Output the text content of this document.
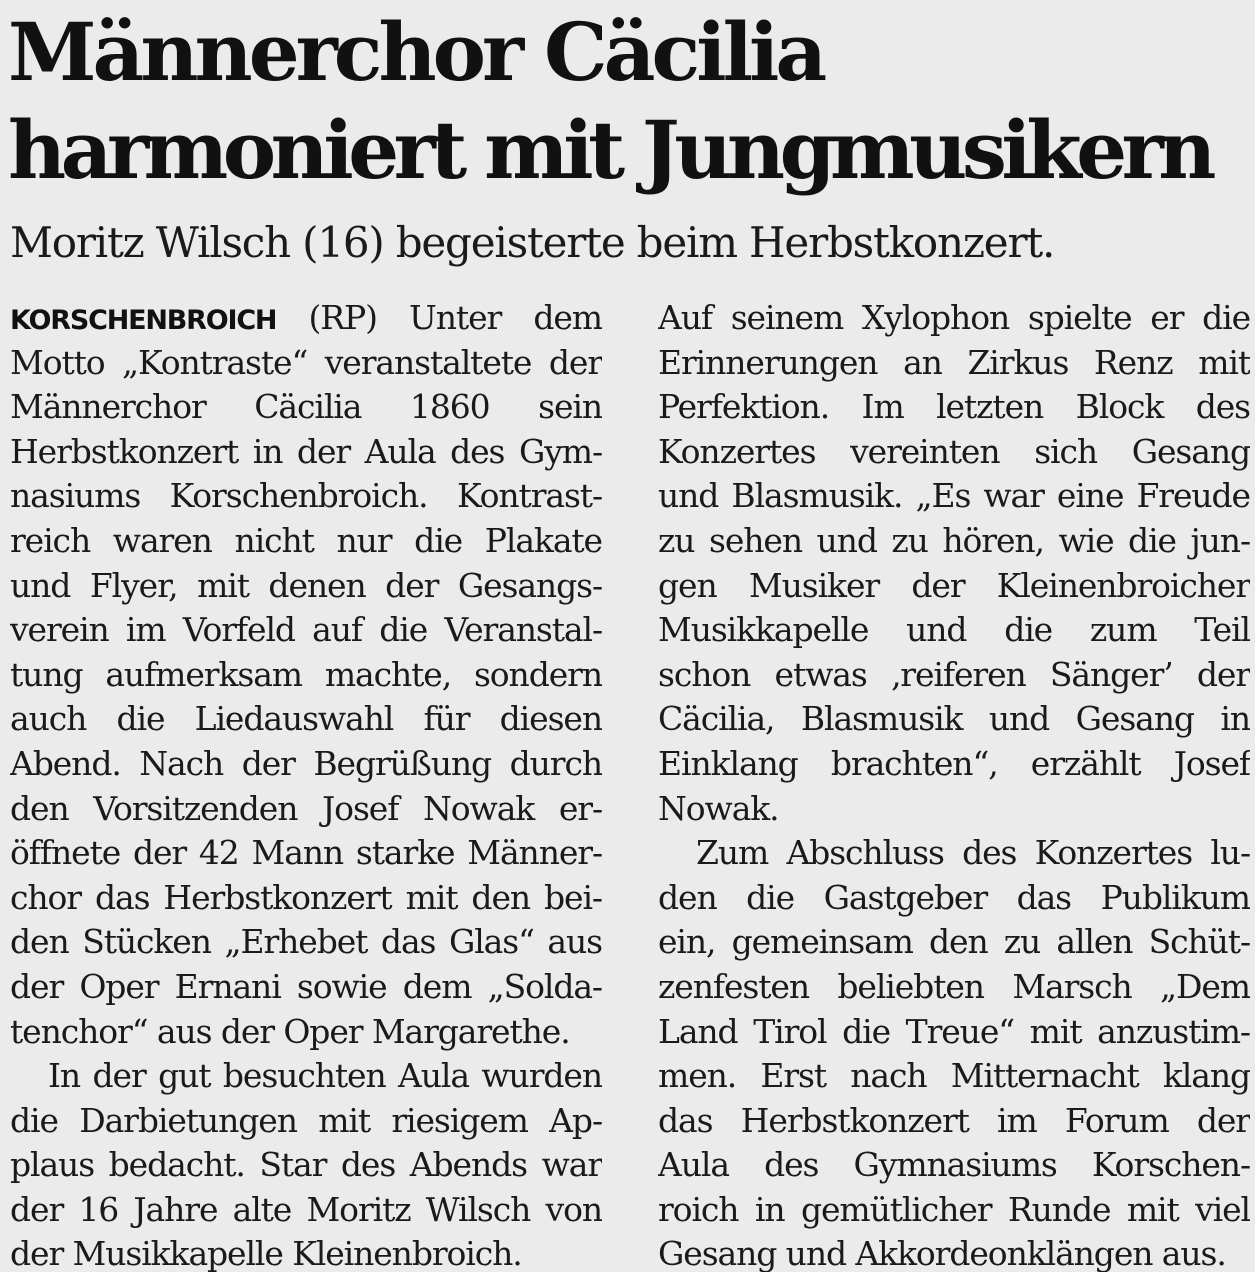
Männerchor Cäcilia
harmoniert mit Jungmusikern
Moritz Wilsch (16) begeisterte beim Herbstkonzert.
KORSCHENBROICH (RP) Unter dem
Motto „Kontraste“ veranstaltete der
Männerchor Cäcilia 1860 sein
Herbstkonzert in der Aula des Gym-
nasiums Korschenbroich. Kontrast-
reich waren nicht nur die Plakate
und Flyer, mit denen der Gesangs-
verein im Vorfeld auf die Veranstal-
tung aufmerksam machte, sondern
auch die Liedauswahl für diesen
Abend. Nach der Begrüßung durch
den Vorsitzenden Josef Nowak er-
öffnete der 42 Mann starke Männer-
chor das Herbstkonzert mit den bei-
den Stücken „Erhebet das Glas“ aus
der Oper Ernani sowie dem „Solda-
tenchor“ aus der Oper Margarethe.
In der gut besuchten Aula wurden
die Darbietungen mit riesigem Ap-
plaus bedacht. Star des Abends war
der 16 Jahre alte Moritz Wilsch von
der Musikkapelle Kleinenbroich.
Auf seinem Xylophon spielte er die
Erinnerungen an Zirkus Renz mit
Perfektion. Im letzten Block des
Konzertes vereinten sich Gesang
und Blasmusik. „Es war eine Freude
zu sehen und zu hören, wie die jun-
gen Musiker der Kleinenbroicher
Musikkapelle und die zum Teil
schon etwas ‚reiferen Sänger’ der
Cäcilia, Blasmusik und Gesang in
Einklang brachten“, erzählt Josef
Nowak.
Zum Abschluss des Konzertes lu-
den die Gastgeber das Publikum
ein, gemeinsam den zu allen Schüt-
zenfesten beliebten Marsch „Dem
Land Tirol die Treue“ mit anzustim-
men. Erst nach Mitternacht klang
das Herbstkonzert im Forum der
Aula des Gymnasiums Korschen-
roich in gemütlicher Runde mit viel
Gesang und Akkordeonklängen aus.
